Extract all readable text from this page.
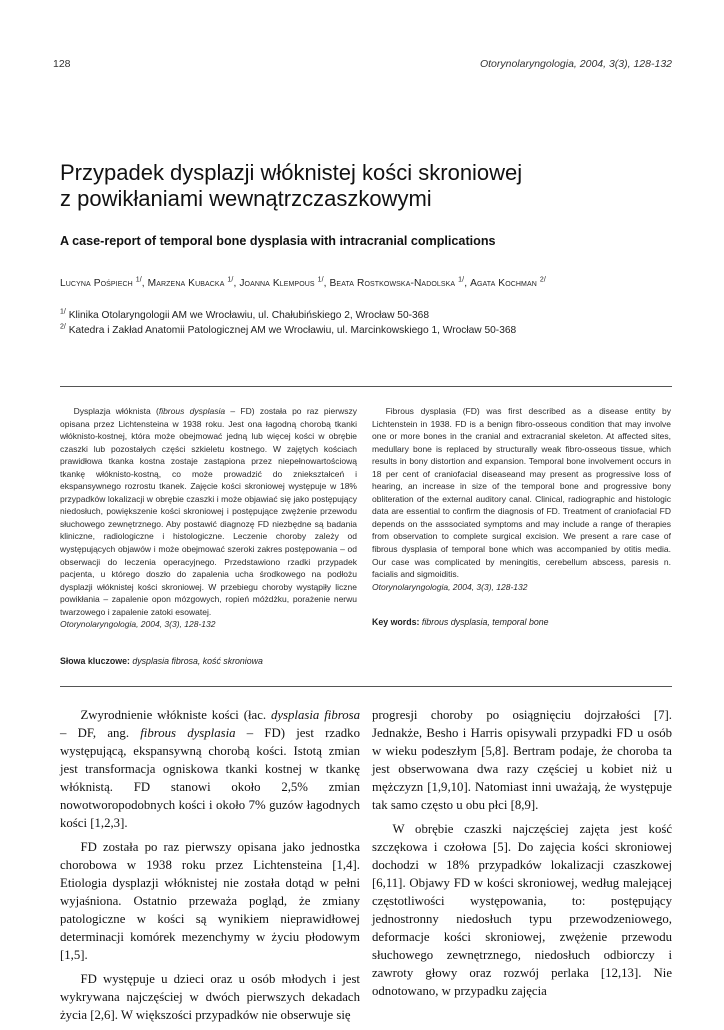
128	Otorynolaryngologia, 2004, 3(3), 128-132
Przypadek dysplazji włóknistej kości skroniowej
z powikłaniami wewnątrzczaszkowymi
A case-report of temporal bone dysplasia with intracranial complications
Lucyna Pośpiech $^{1/}$, Marzena Kubacka $^{1/}$, Joanna Klempous $^{1/}$, Beata Rostkowska-Nadolska $^{1/}$, Agata Kochman $^{2/}$
$^{1/}$ Klinika Otolaryngologii AM we Wrocławiu, ul. Chałubińskiego 2, Wrocław 50-368
$^{2/}$ Katedra i Zakład Anatomii Patologicznej AM we Wrocławiu, ul. Marcinkowskiego 1, Wrocław 50-368
Dysplazja włóknista (fibrous dysplasia – FD) została po raz pierwszy opisana przez Lichtensteina w 1938 roku. Jest ona łagodną chorobą tkanki włóknisto-kostnej, która może obejmować jedną lub więcej kości w obrębie czaszki lub pozostałych części szkieletu kostnego. W zajętych kościach prawidłowa tkanka kostna zostaje zastąpiona przez niepełnowartościową tkankę włóknisto-kostną, co może prowadzić do zniekształceń i ekspansywnego rozrostu tkanek. Zajęcie kości skroniowej występuje w 18% przypadków lokalizacji w obrębie czaszki i może objawiać się jako postępujący niedosłuch, powiększenie kości skroniowej i postępujące zwężenie przewodu słuchowego zewnętrznego. Aby postawić diagnozę FD niezbędne są badania kliniczne, radiologiczne i histologiczne. Leczenie choroby zależy od występujących objawów i może obejmować szeroki zakres postępowania – od obserwacji do leczenia operacyjnego. Przedstawiono rzadki przypadek pacjenta, u którego doszło do zapalenia ucha środkowego na podłożu dysplazji włóknistej kości skroniowej. W przebiegu choroby wystąpiły liczne powikłania – zapalenie opon mózgowych, ropień móżdżku, porażenie nerwu twarzowego i zapalenie zatoki esowatej.
Otorynolaryngologia, 2004, 3(3), 128-132
Słowa kluczowe: dysplasia fibrosa, kość skroniowa
Fibrous dysplasia (FD) was first described as a disease entity by Lichtenstein in 1938. FD is a benign fibro-osseous condition that may involve one or more bones in the cranial and extracranial skeleton. At affected sites, medullary bone is replaced by structurally weak fibro-osseous tissue, which results in bony distortion and expansion. Temporal bone involvement occurs in 18 per cent of craniofacial diseaseand may present as progressive loss of hearing, an increase in size of the temporal bone and progressive bony obliteration of the external auditory canal. Clinical, radiographic and histologic data are essential to confirm the diagnosis of FD. Treatment of craniofacial FD depends on the asssociated symptoms and may include a range of therapies from observation to complete surgical excision. We present a rare case of fibrous dysplasia of temporal bone which was accompanied by otitis media. Our case was complicated by meningitis, cerebellum abscess, paresis n. facialis and sigmoiditis.
Otorynolaryngologia, 2004, 3(3), 128-132
Key words: fibrous dysplasia, temporal bone

Zwyrodnienie włókniste kości (łac. dysplasia fibrosa – DF, ang. fibrous dysplasia – FD) jest rzadko występującą, ekspansywną chorobą kości. Istotą zmian jest transformacja ogniskowa tkanki kostnej w tkankę włóknistą. FD stanowi około 2,5% zmian nowotworopodobnych kości i około 7% guzów łagodnych kości [1,2,3].

FD została po raz pierwszy opisana jako jednostka chorobowa w 1938 roku przez Lichtensteina [1,4]. Etiologia dysplazji włóknistej nie została dotąd w pełni wyjaśniona. Ostatnio przeważa pogląd, że zmiany patologiczne w kości są wynikiem nieprawidłowej determinacji komórek mezenchymy w życiu płodowym [1,5].

FD występuje u dzieci oraz u osób młodych i jest wykrywana najczęściej w dwóch pierwszych dekadach życia [2,6]. W większości przypadków nie obserwuje się

progresji choroby po osiągnięciu dojrzałości [7]. Jednakże, Besho i Harris opisywali przypadki FD u osób w wieku podeszłym [5,8]. Bertram podaje, że choroba ta jest obserwowana dwa razy częściej u kobiet niż u mężczyzn [1,9,10]. Natomiast inni uważają, że występuje tak samo często u obu płci [8,9].

W obrębie czaszki najczęściej zajęta jest kość szczękowa i czołowa [5]. Do zajęcia kości skroniowej dochodzi w 18% przypadków lokalizacji czaszkowej [6,11]. Objawy FD w kości skroniowej, według malejącej częstotliwości występowania, to: postępujący jednostronny niedosłuch typu przewodzeniowego, deformacje kości skroniowej, zwężenie przewodu słuchowego zewnętrznego, niedosłuch odbiorczy i zawroty głowy oraz rozwój perlaka [12,13]. Nie odnotowano, w przypadku zajęcia
